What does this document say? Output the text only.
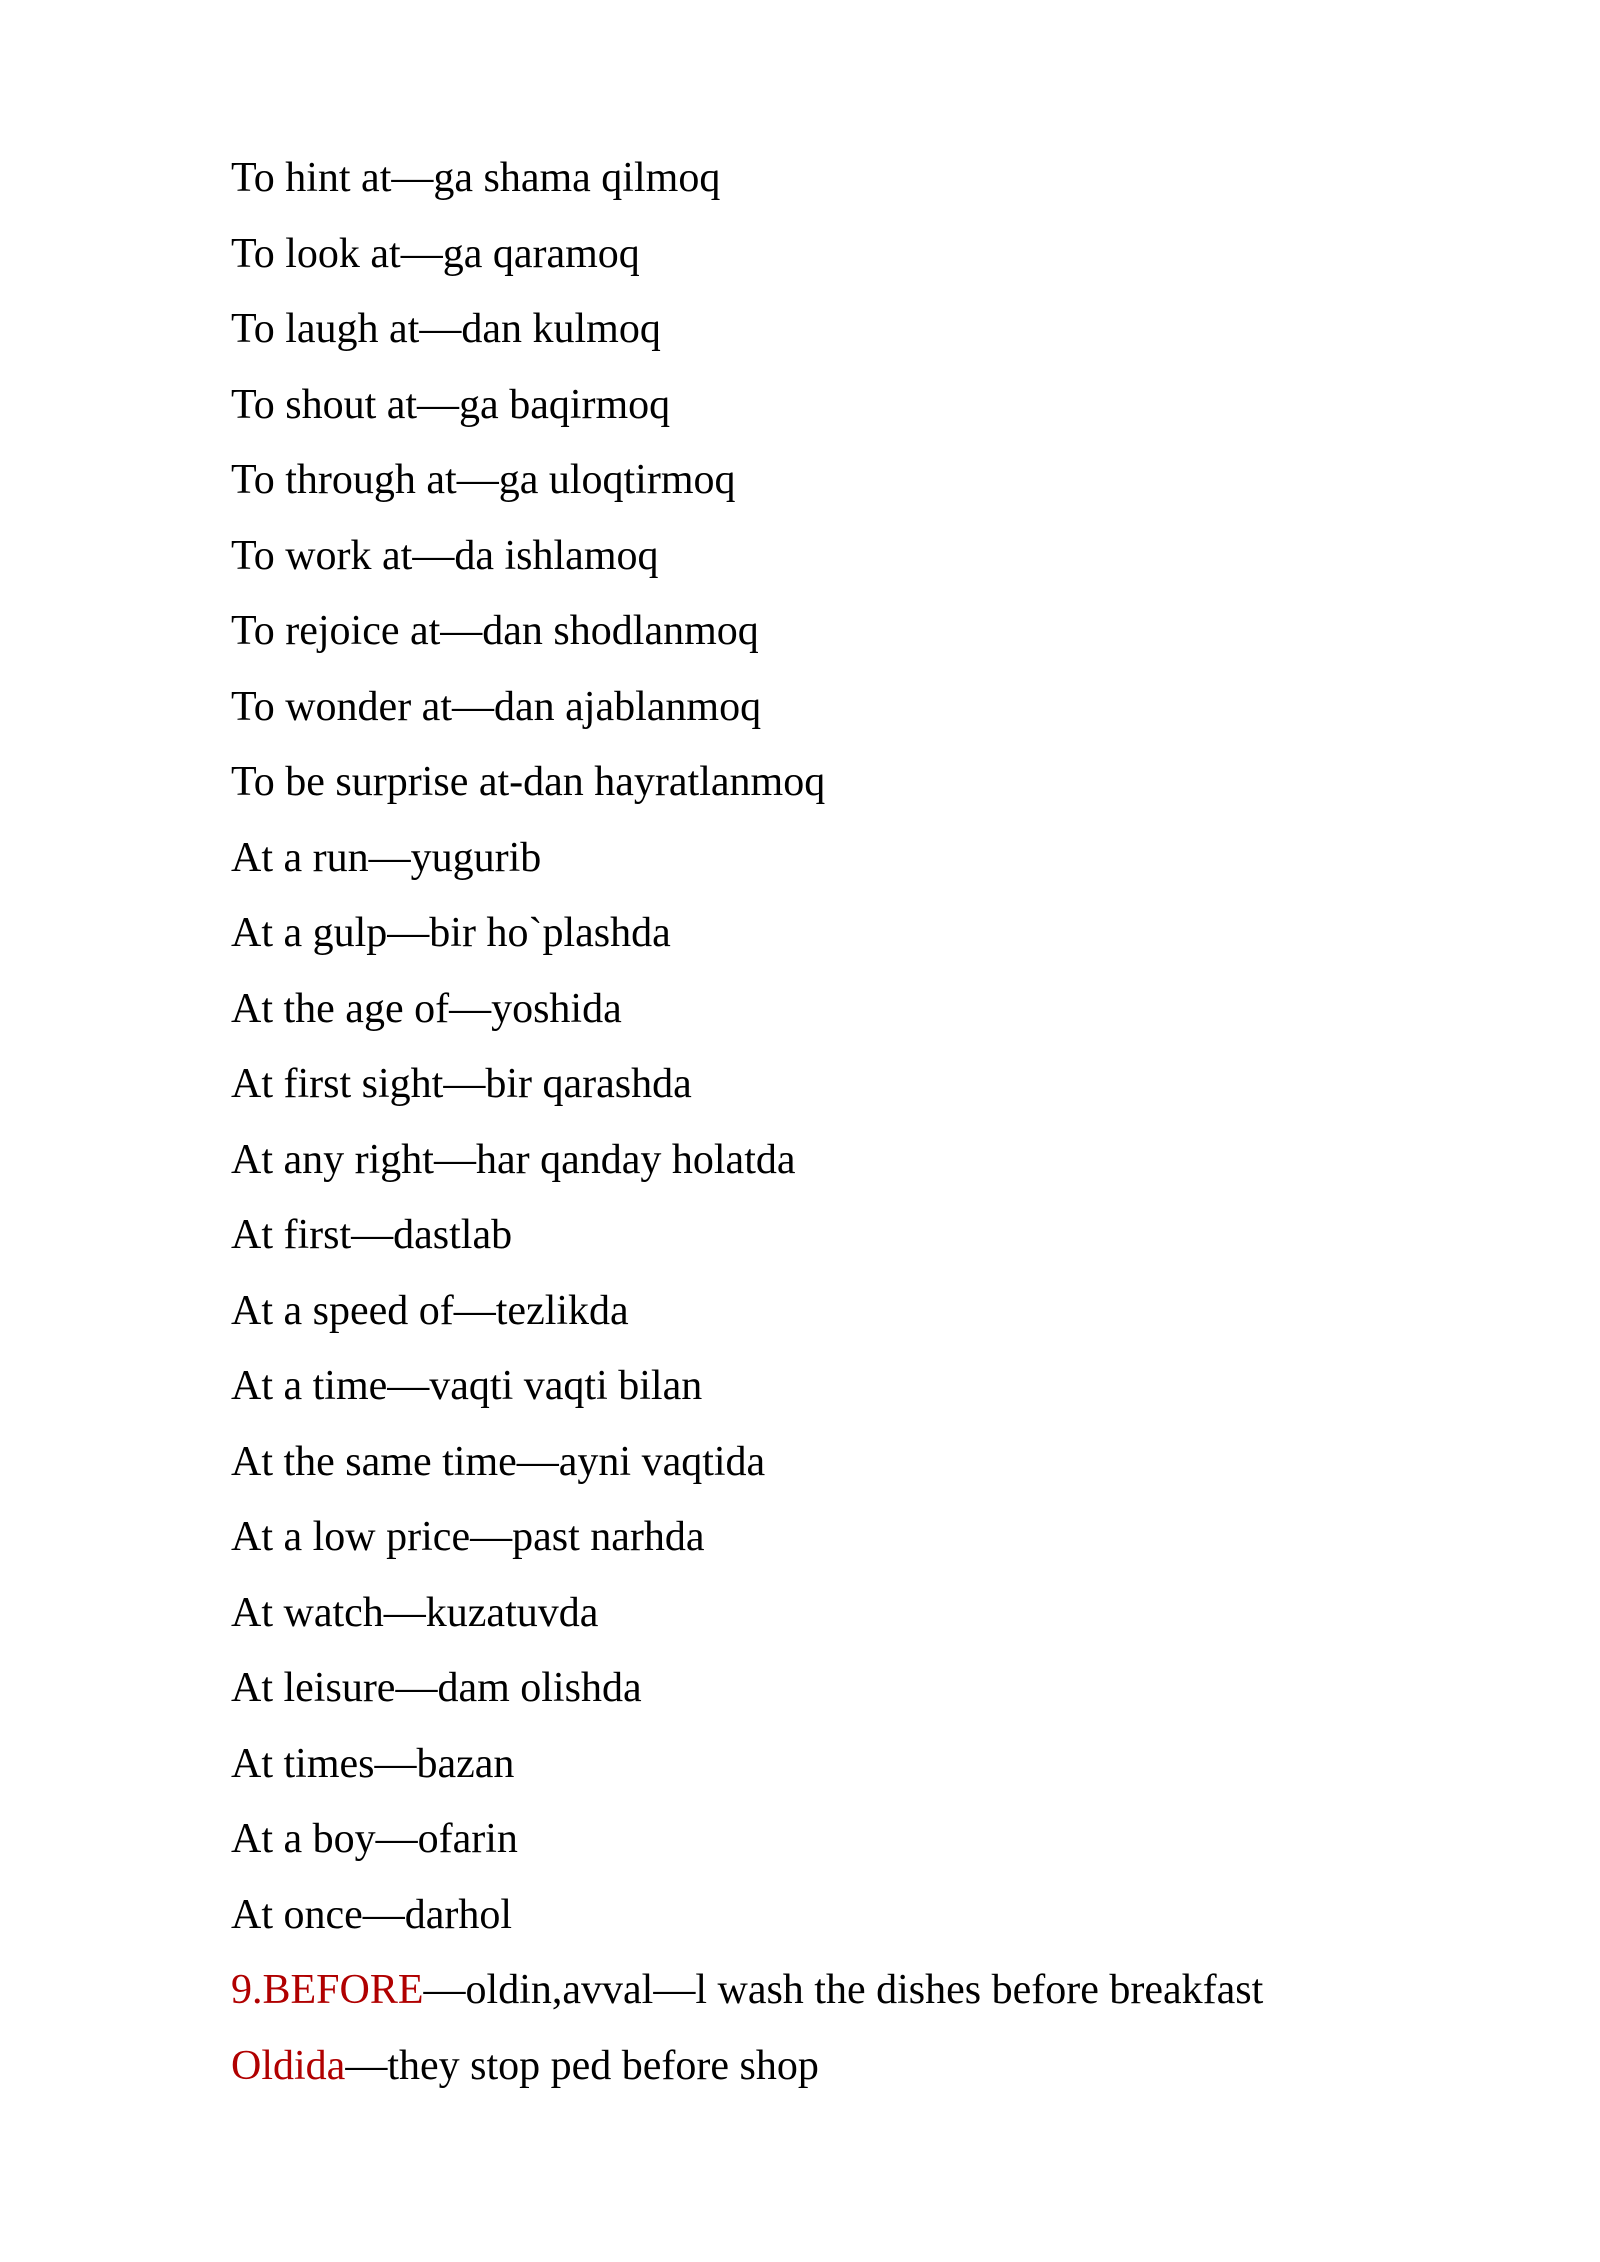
To hint at—ga shama qilmoq
To look at—ga qaramoq
To laugh at—dan kulmoq
To shout at—ga baqirmoq
To through at—ga uloqtirmoq
To work at—da ishlamoq
To rejoice at—dan shodlanmoq
To wonder at—dan ajablanmoq
To be surprise at-dan hayratlanmoq
At a run—yugurib
At a gulp—bir ho`plashda
At the age of—yoshida
At first sight—bir qarashda
At any right—har qanday holatda
At first—dastlab
At a speed of—tezlikda
At a time—vaqti vaqti bilan
At the same time—ayni vaqtida
At a low price—past narhda
At watch—kuzatuvda
At leisure—dam olishda
At times—bazan
At a boy—ofarin
At once—darhol
9.BEFORE—oldin,avval—l wash the dishes before breakfast
Oldida—they stop ped before shop
